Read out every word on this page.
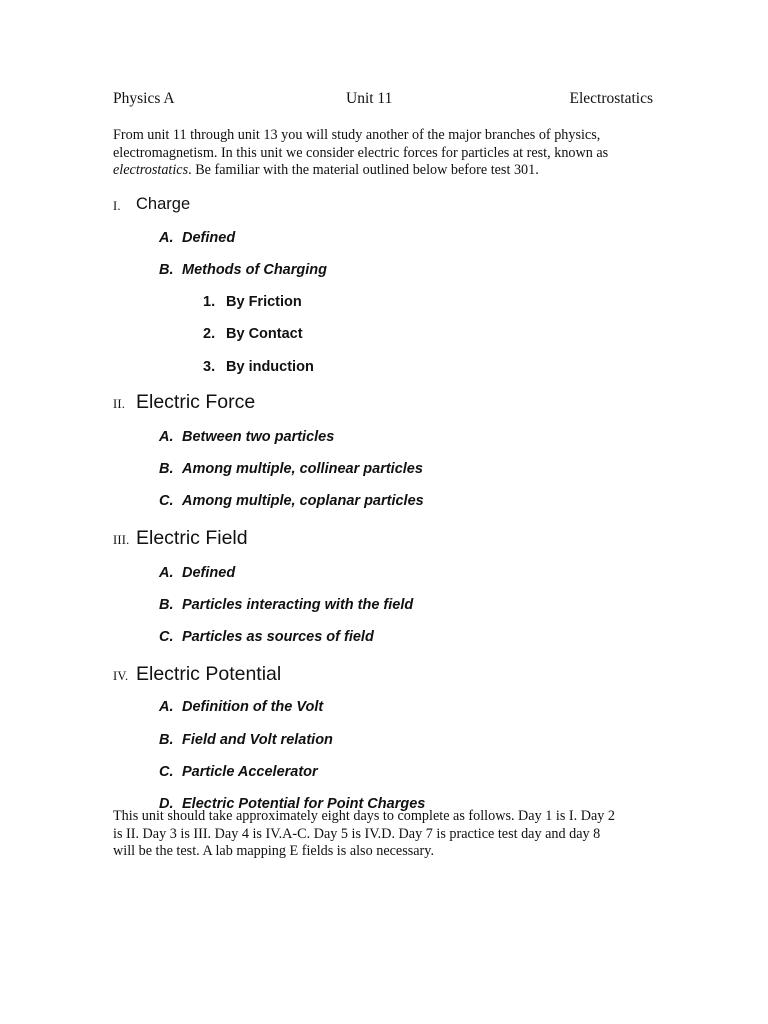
Physics A	Unit 11	Electrostatics

From unit 11 through unit 13 you will study another of the major branches of physics,

electromagnetism. In this unit we consider electric forces for particles at rest, known as

electrostatics. Be familiar with the material outlined below before test 301.

I. Charge
A. Defined
B. Methods of Charging
1. By Friction
2. By Contact
3. By induction
II. Electric Force
A. Between two particles
B. Among multiple, collinear particles
C. Among multiple, coplanar particles
III. Electric Field
A. Defined
B. Particles interacting with the field
C. Particles as sources of field
IV. Electric Potential
A. Definition of the Volt
B. Field and Volt relation
C. Particle Accelerator
D. Electric Potential for Point Charges

This unit should take approximately eight days to complete as follows. Day 1 is I. Day 2

is II. Day 3 is III. Day 4 is IV.A-C. Day 5 is IV.D. Day 7 is practice test day and day 8

will be the test. A lab mapping E fields is also necessary.
